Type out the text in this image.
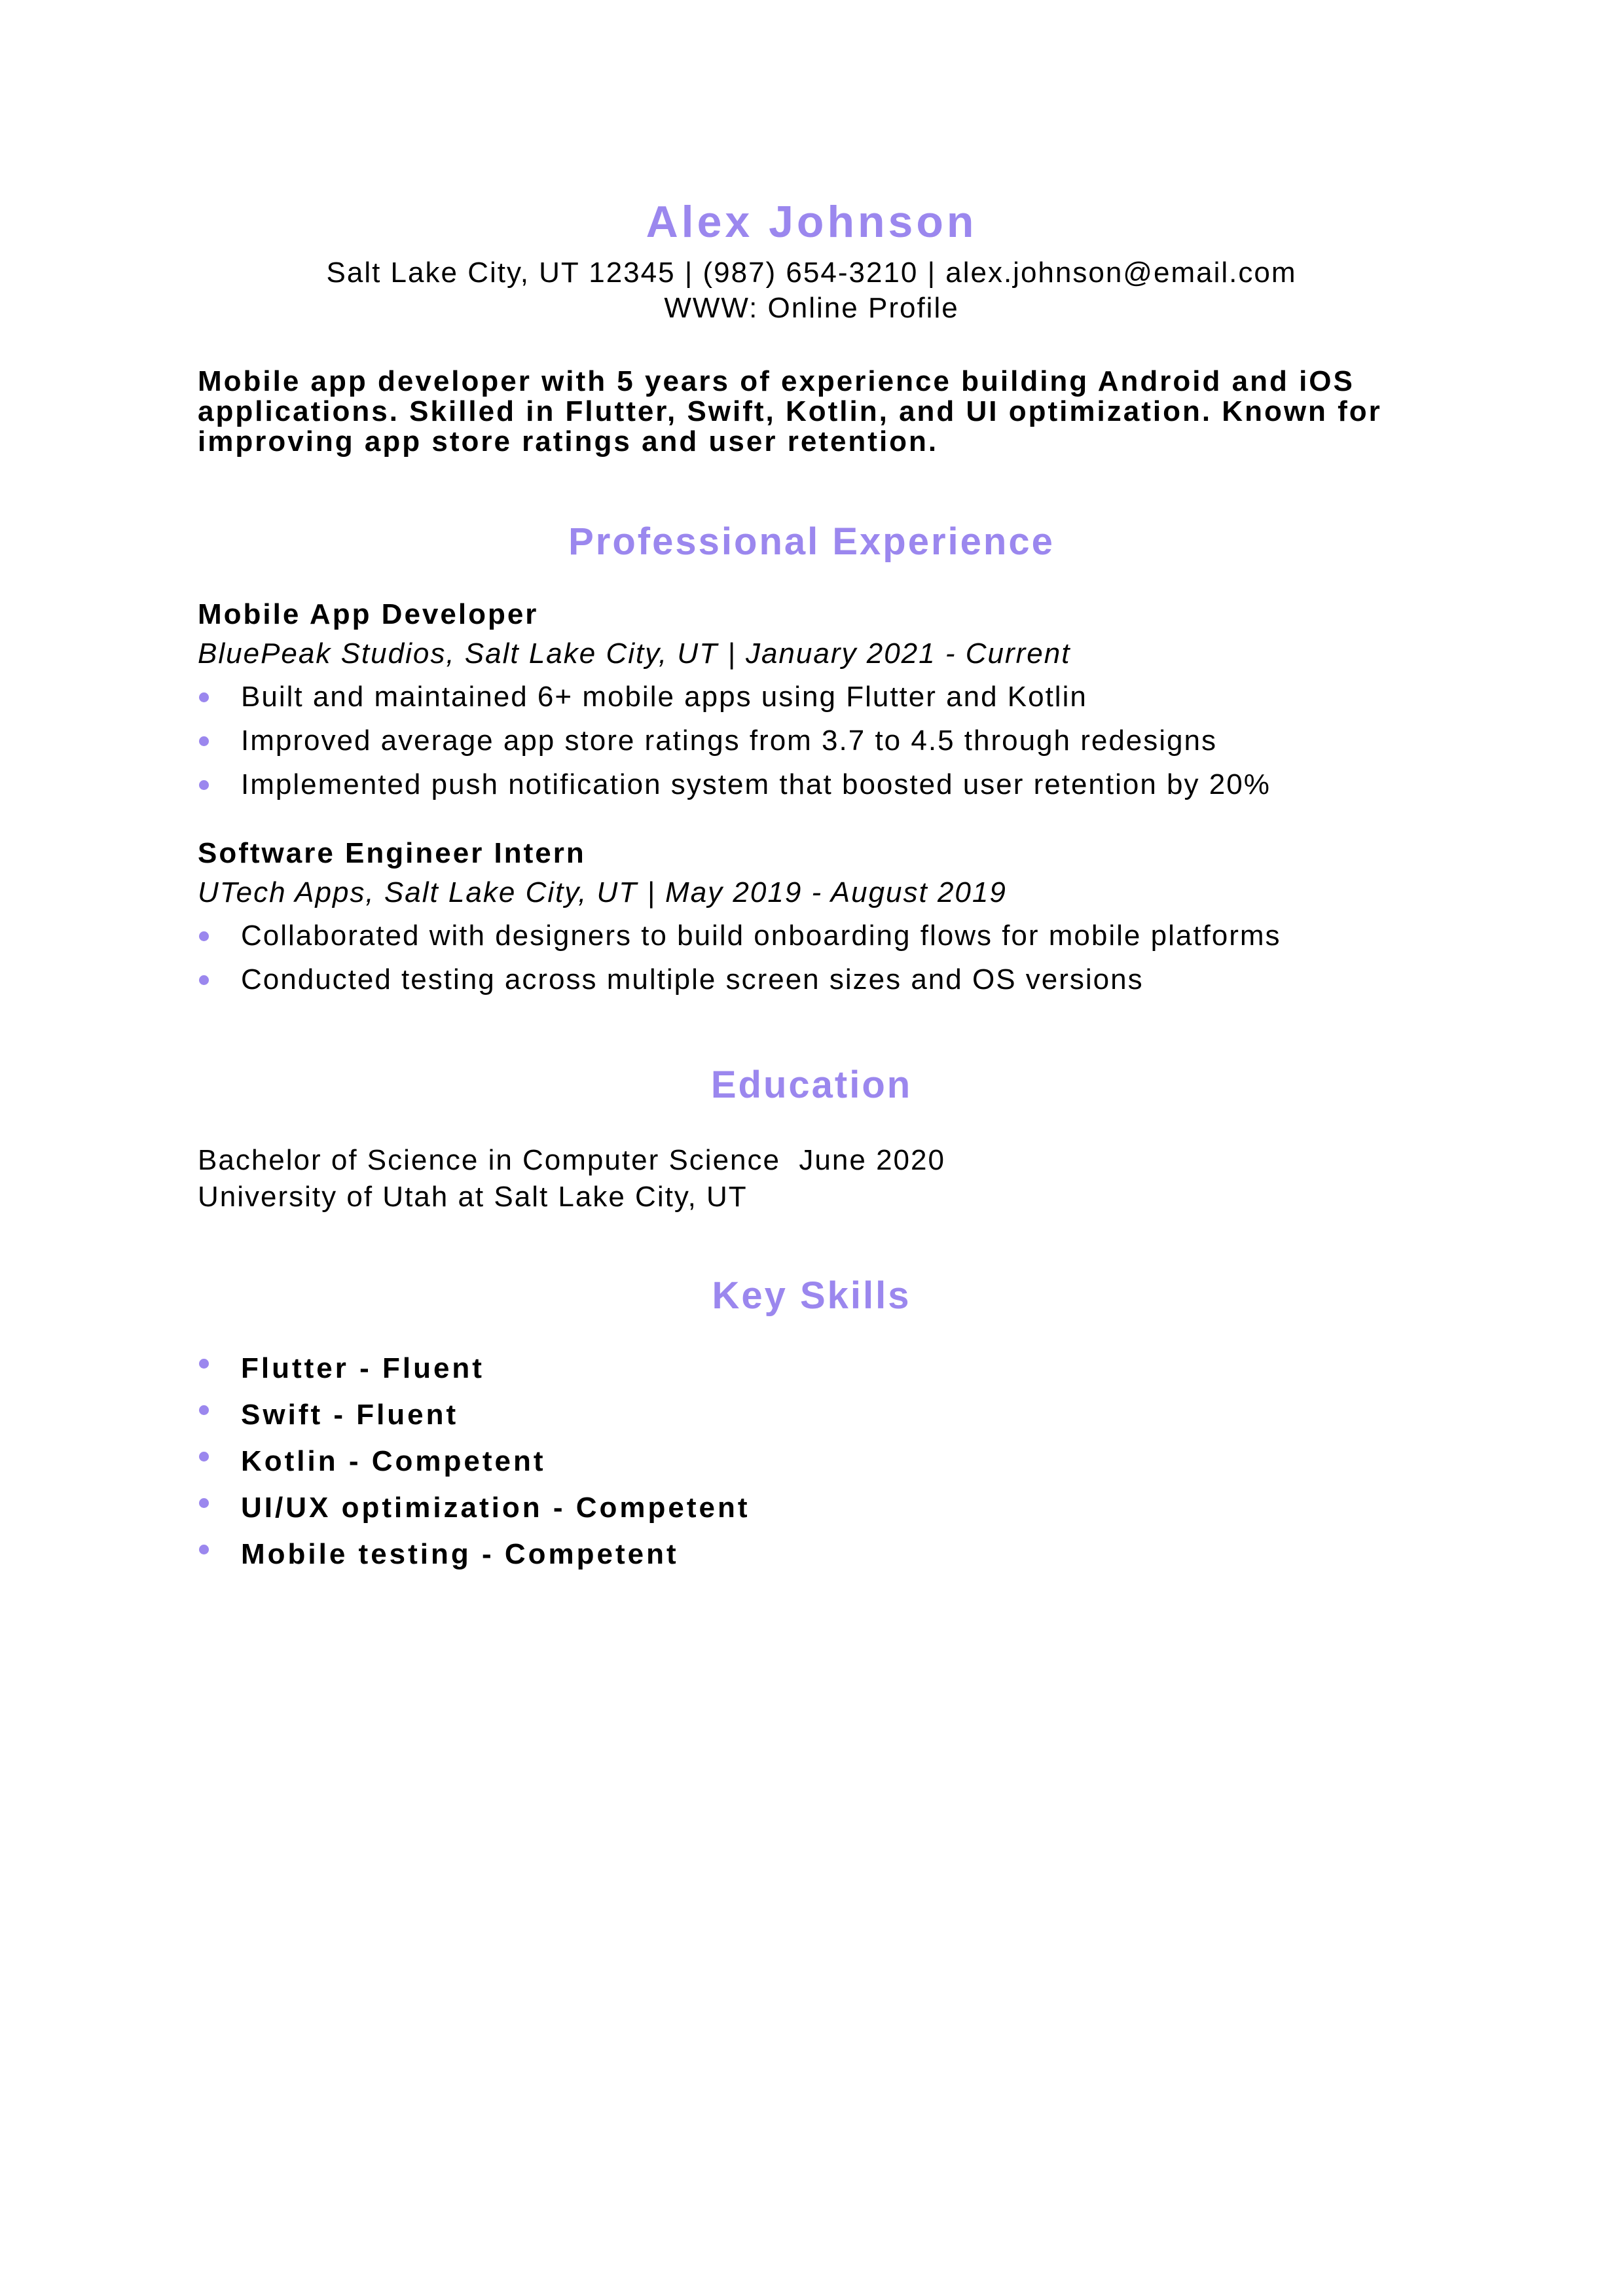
Alex Johnson
Salt Lake City, UT 12345 | (987) 654-3210 | alex.johnson@email.com
WWW: Online Profile
Mobile app developer with 5 years of experience building Android and iOS applications. Skilled in Flutter, Swift, Kotlin, and UI optimization. Known for improving app store ratings and user retention.
Professional Experience
Mobile App Developer
BluePeak Studios, Salt Lake City, UT | January 2021 - Current
Built and maintained 6+ mobile apps using Flutter and Kotlin
Improved average app store ratings from 3.7 to 4.5 through redesigns
Implemented push notification system that boosted user retention by 20%
Software Engineer Intern
UTech Apps, Salt Lake City, UT | May 2019 - August 2019
Collaborated with designers to build onboarding flows for mobile platforms
Conducted testing across multiple screen sizes and OS versions
Education
Bachelor of Science in Computer Science  June 2020
University of Utah at Salt Lake City, UT
Key Skills
Flutter - Fluent
Swift - Fluent
Kotlin - Competent
UI/UX optimization - Competent
Mobile testing - Competent
